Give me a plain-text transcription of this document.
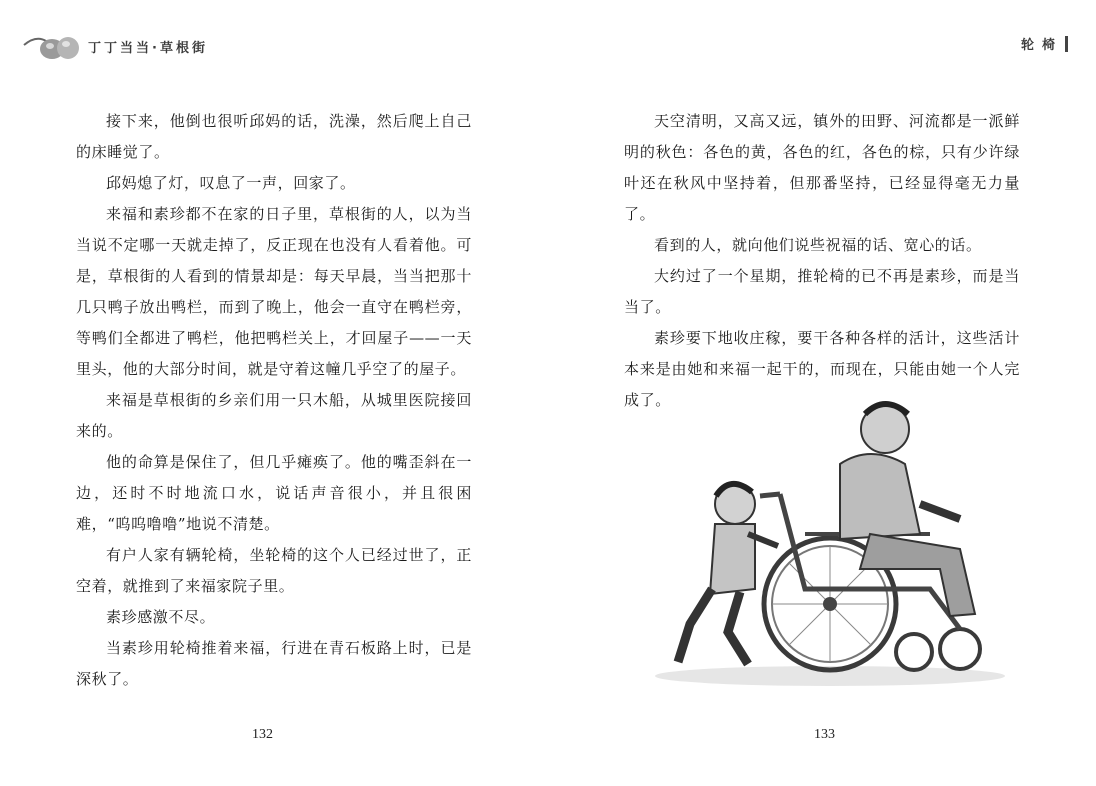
丁丁当当·草根街

接下来，他倒也很听邱妈的话，洗澡，然后爬上自己的床睡觉了。

邱妈熄了灯，叹息了一声，回家了。

来福和素珍都不在家的日子里，草根街的人，以为当当说不定哪一天就走掉了，反正现在也没有人看着他。可是，草根街的人看到的情景却是：每天早晨，当当把那十几只鸭子放出鸭栏，而到了晚上，他会一直守在鸭栏旁，等鸭们全都进了鸭栏，他把鸭栏关上，才回屋子——一天里头，他的大部分时间，就是守着这幢几乎空了的屋子。

来福是草根街的乡亲们用一只木船，从城里医院接回来的。

他的命算是保住了，但几乎瘫痪了。他的嘴歪斜在一边，还时不时地流口水，说话声音很小，并且很困难，“呜呜噜噜”地说不清楚。

有户人家有辆轮椅，坐轮椅的这个人已经过世了，正空着，就推到了来福家院子里。

素珍感激不尽。

当素珍用轮椅推着来福，行进在青石板路上时，已是深秋了。

132
轮椅

天空清明，又高又远，镇外的田野、河流都是一派鲜明的秋色：各色的黄，各色的红，各色的棕，只有少许绿叶还在秋风中坚持着，但那番坚持，已经显得毫无力量了。

看到的人，就向他们说些祝福的话、宽心的话。

大约过了一个星期，推轮椅的已不再是素珍，而是当当了。

素珍要下地收庄稼，要干各种各样的活计，这些活计本来是由她和来福一起干的，而现在，只能由她一个人完成了。

133
